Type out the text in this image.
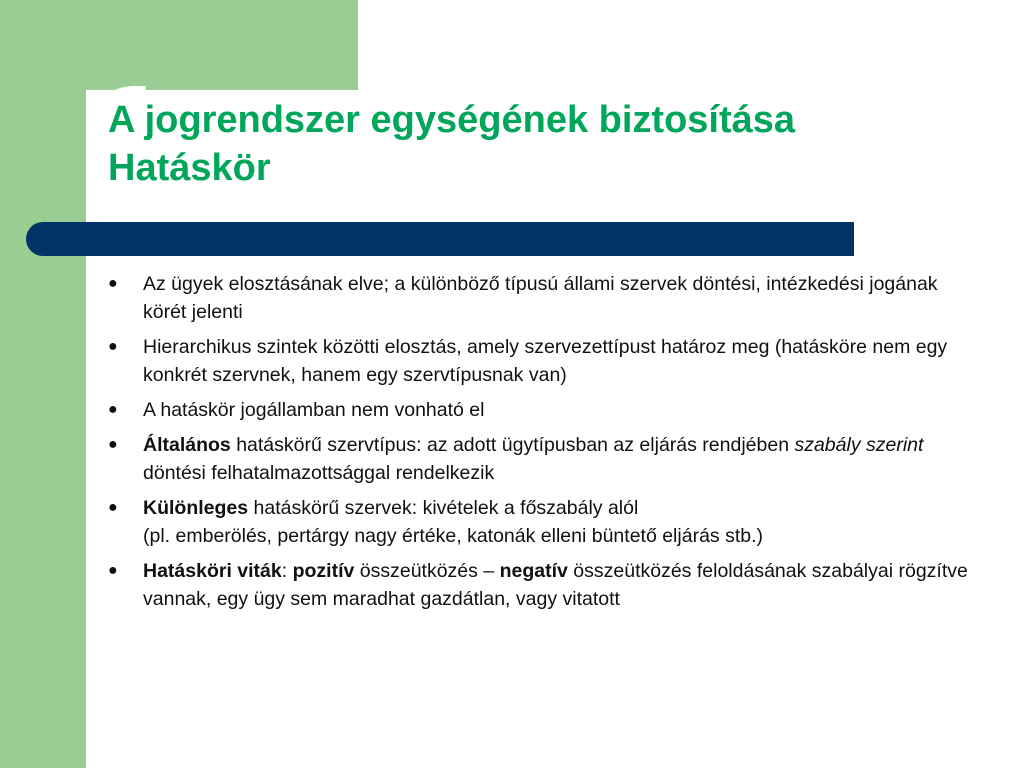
A jogrendszer egységének biztosítása
Hatáskör
● Az ügyek elosztásának elve; a különböző típusú állami szervek döntési, intézkedési jogának körét jelenti
● Hierarchikus szintek közötti elosztás, amely szervezettípust határoz meg (hatásköre nem egy konkrét szervnek, hanem egy szervtípusnak van)
● A hatáskör jogállamban nem vonható el
● Általános hatáskörű szervtípus: az adott ügytípusban az eljárás rendjében szabály szerint döntési felhatalmazottsággal rendelkezik
● Különleges hatáskörű szervek: kivételek a főszabály alól
(pl. emberölés, pertárgy nagy értéke, katonák elleni büntető eljárás stb.)
● Hatásköri viták: pozitív összeütközés – negatív összeütközés feloldásának szabályai rögzítve vannak, egy ügy sem maradhat gazdátlan, vagy vitatott
